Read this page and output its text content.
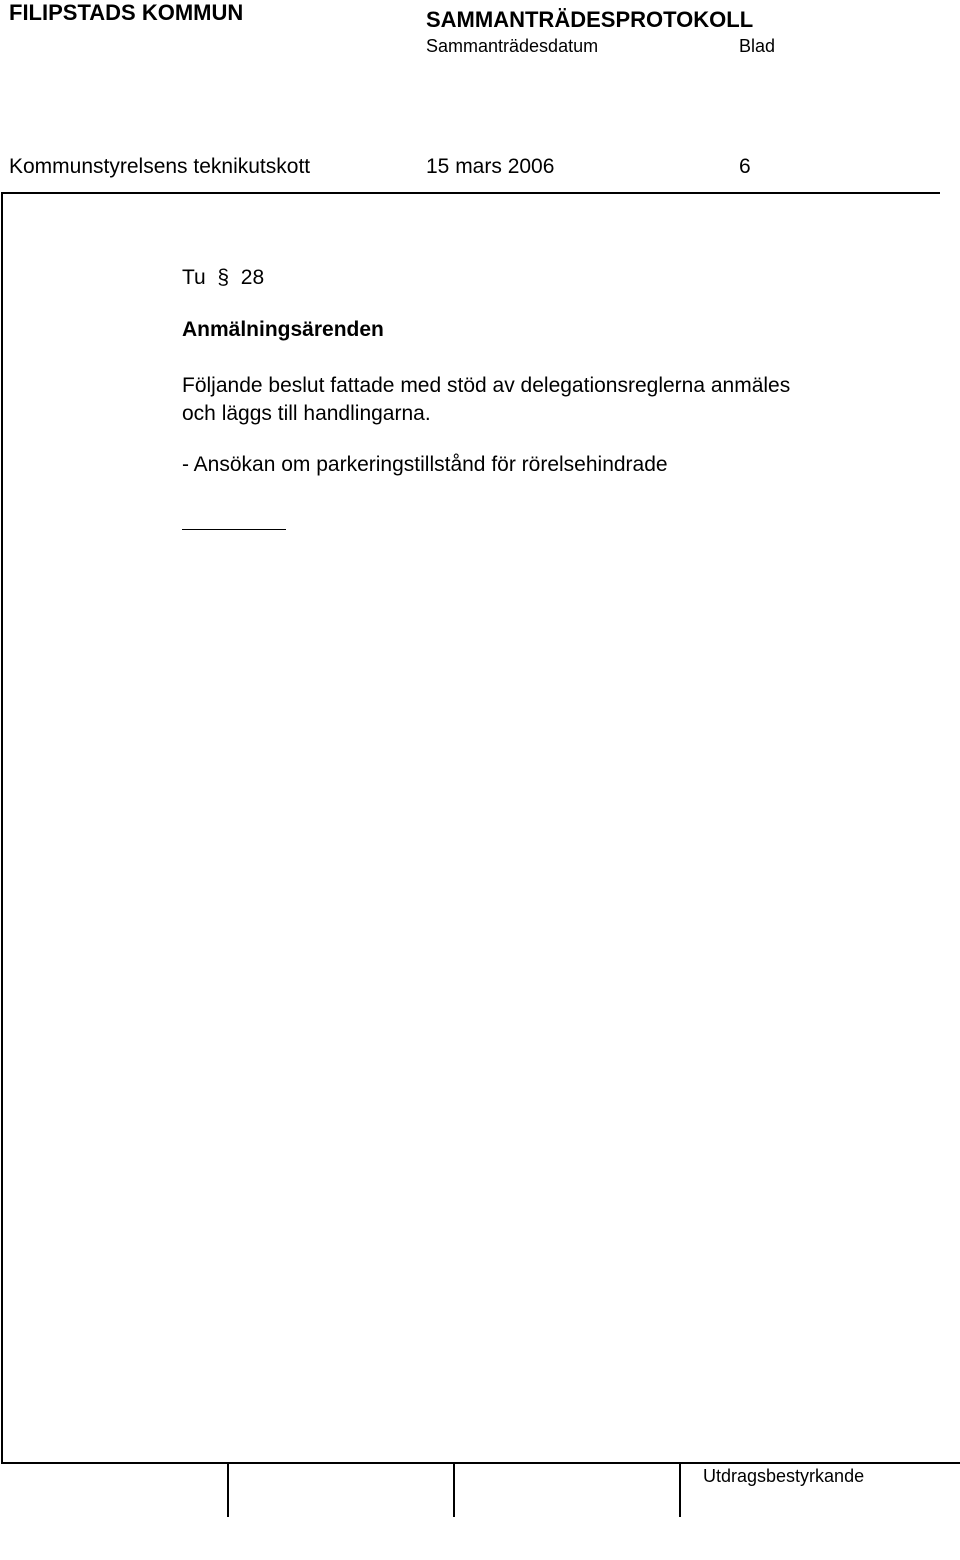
FILIPSTADS KOMMUN	SAMMANTRÄDESPROTOKOLL
Sammanträdesdatum	Blad
Kommunstyrelsens teknikutskott	15 mars 2006	6
Tu  §  28
Anmälningsärenden

Följande beslut fattade med stöd av delegationsreglerna anmäles

och läggs till handlingarna.

- Ansökan om parkeringstillstånd för rörelsehindrade
Utdragsbestyrkande
